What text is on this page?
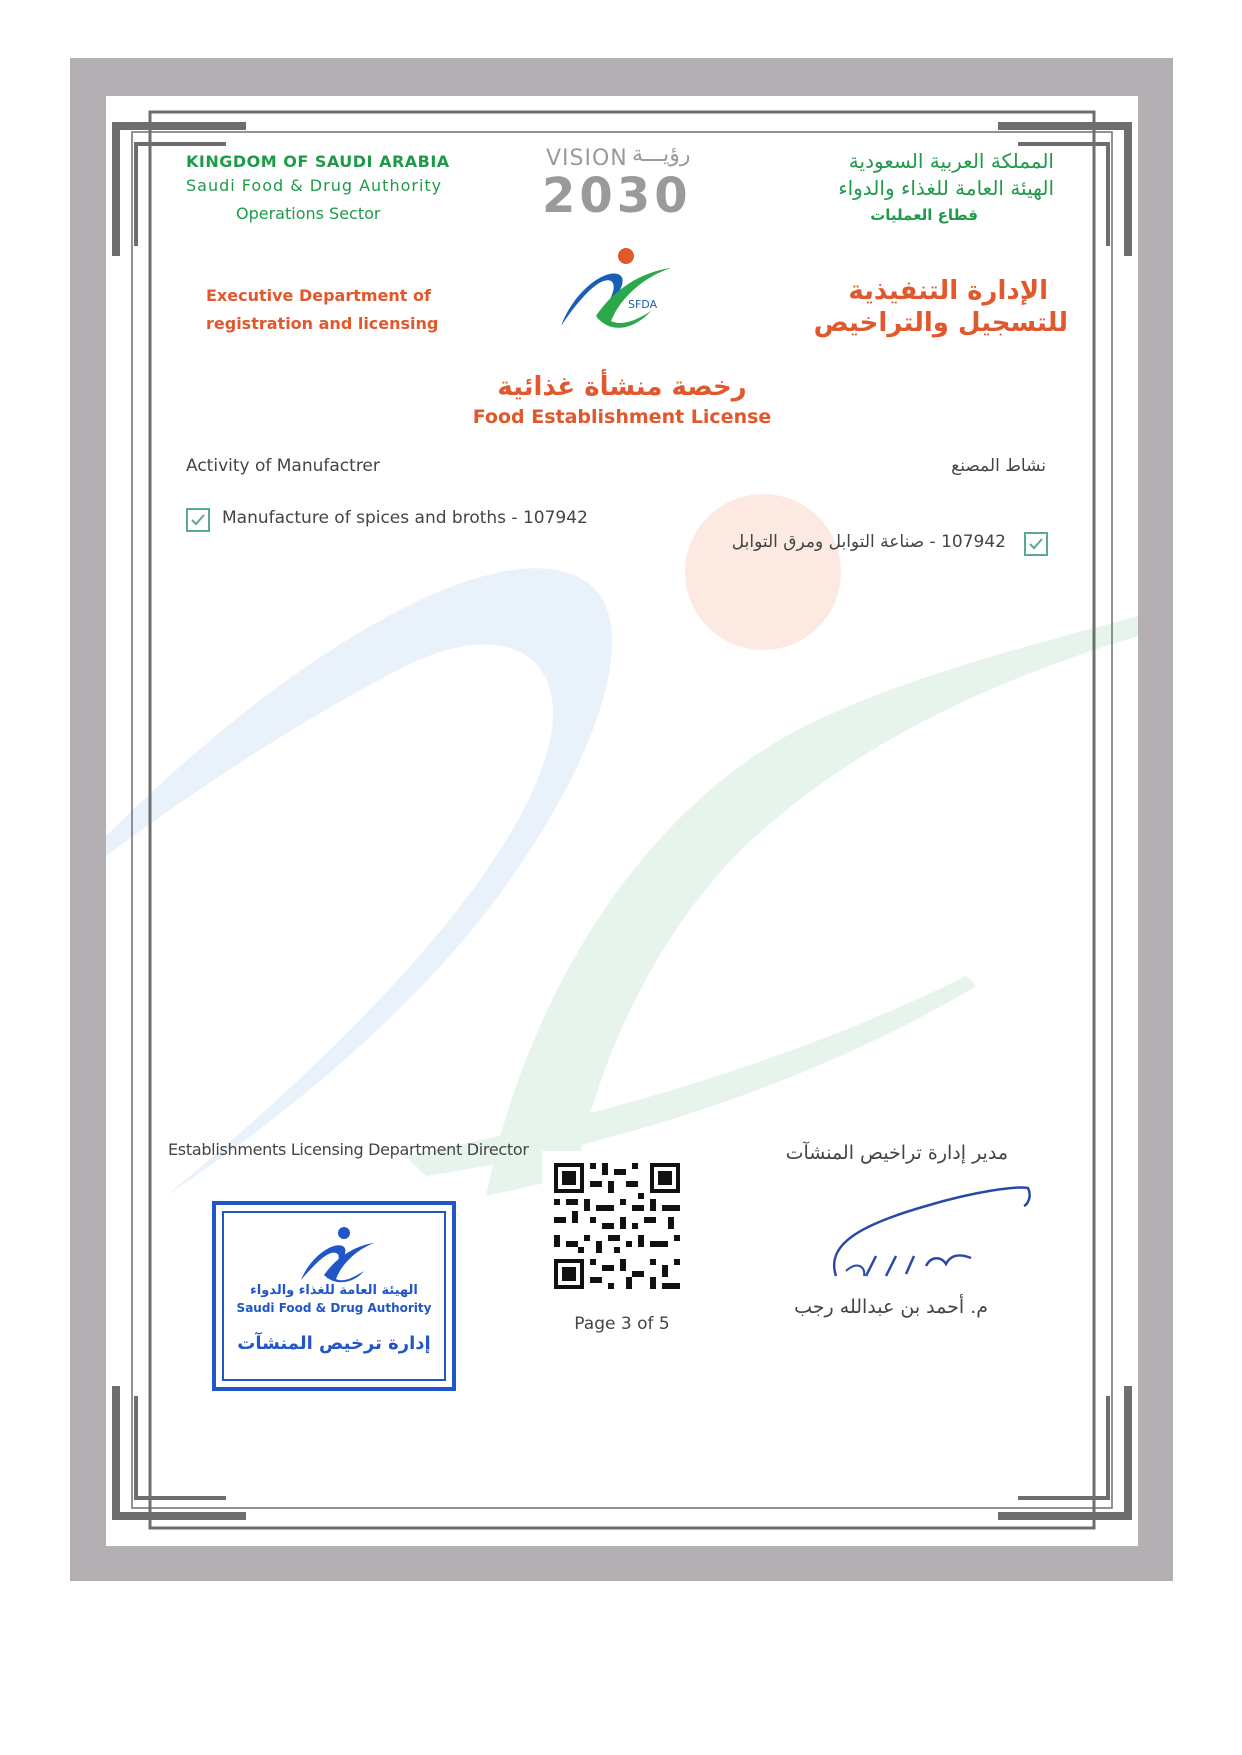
KINGDOM OF SAUDI ARABIA
Saudi Food & Drug Authority
Operations Sector
VISION رؤيـــة
2030
المملكة العربية السعودية
الهيئة العامة للغذاء والدواء
قطاع العمليات
Executive Department of
registration and licensing
الإدارة التنفيذية
للتسجيل والتراخيص
SFDA
رخصة منشأة غذائية
Food Establishment License
Activity of Manufactrer	نشاط المصنع
Manufacture of spices and broths - 107942
107942 - صناعة التوابل ومرق التوابل
Establishments Licensing Department Director	مدير إدارة تراخيص المنشآت
م. أحمد بن عبدالله رجب
الهيئة العامة للغذاء والدواء
Saudi Food & Drug Authority
إدارة ترخيص المنشآت
Page 3 of 5
